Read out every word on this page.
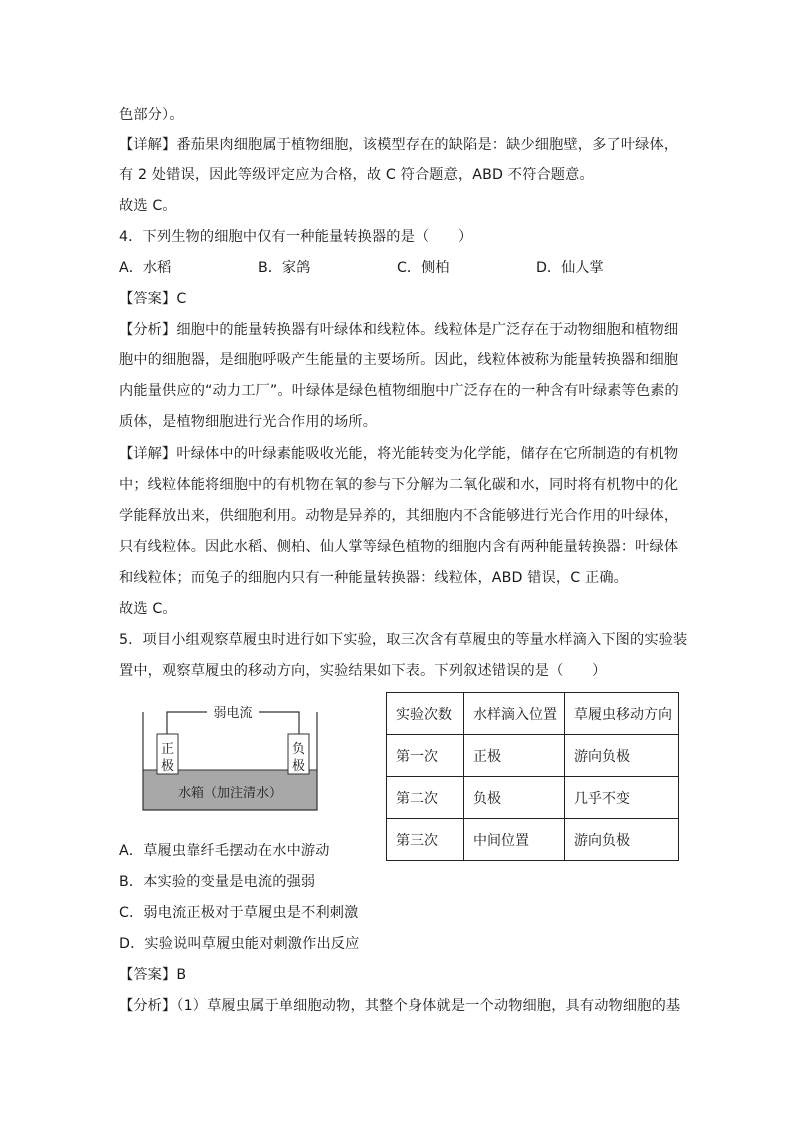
色部分）。
【详解】番茄果肉细胞属于植物细胞，该模型存在的缺陷是：缺少细胞壁，多了叶绿体，
有 2 处错误，因此等级评定应为合格，故 C 符合题意，ABD 不符合题意。
故选 C。
4．下列生物的细胞中仅有一种能量转换器的是（　　）
A．水稻	B．家鸽	C．侧柏	D．仙人掌
【答案】C
【分析】细胞中的能量转换器有叶绿体和线粒体。线粒体是广泛存在于动物细胞和植物细
胞中的细胞器，是细胞呼吸产生能量的主要场所。因此，线粒体被称为能量转换器和细胞
内能量供应的“动力工厂”。叶绿体是绿色植物细胞中广泛存在的一种含有叶绿素等色素的
质体，是植物细胞进行光合作用的场所。
【详解】叶绿体中的叶绿素能吸收光能，将光能转变为化学能，储存在它所制造的有机物
中；线粒体能将细胞中的有机物在氧的参与下分解为二氧化碳和水，同时将有机物中的化
学能释放出来，供细胞利用。动物是异养的，其细胞内不含能够进行光合作用的叶绿体，
只有线粒体。因此水稻、侧柏、仙人掌等绿色植物的细胞内含有两种能量转换器：叶绿体
和线粒体；而兔子的细胞内只有一种能量转换器：线粒体，ABD 错误，C 正确。
故选 C。
5．项目小组观察草履虫时进行如下实验，取三次含有草履虫的等量水样滴入下图的实验装
置中，观察草履虫的移动方向，实验结果如下表。下列叙述错误的是（　　）
弱电流
正
极
负
极
水箱（加注清水）
实验次数	水样滴入位置	草履虫移动方向
第一次	正极	游向负极
第二次	负极	几乎不变
第三次	中间位置	游向负极
A．草履虫靠纤毛摆动在水中游动
B．本实验的变量是电流的强弱
C．弱电流正极对于草履虫是不利刺激
D．实验说叫草履虫能对刺激作出反应
【答案】B
【分析】（1）草履虫属于单细胞动物，其整个身体就是一个动物细胞，具有动物细胞的基
